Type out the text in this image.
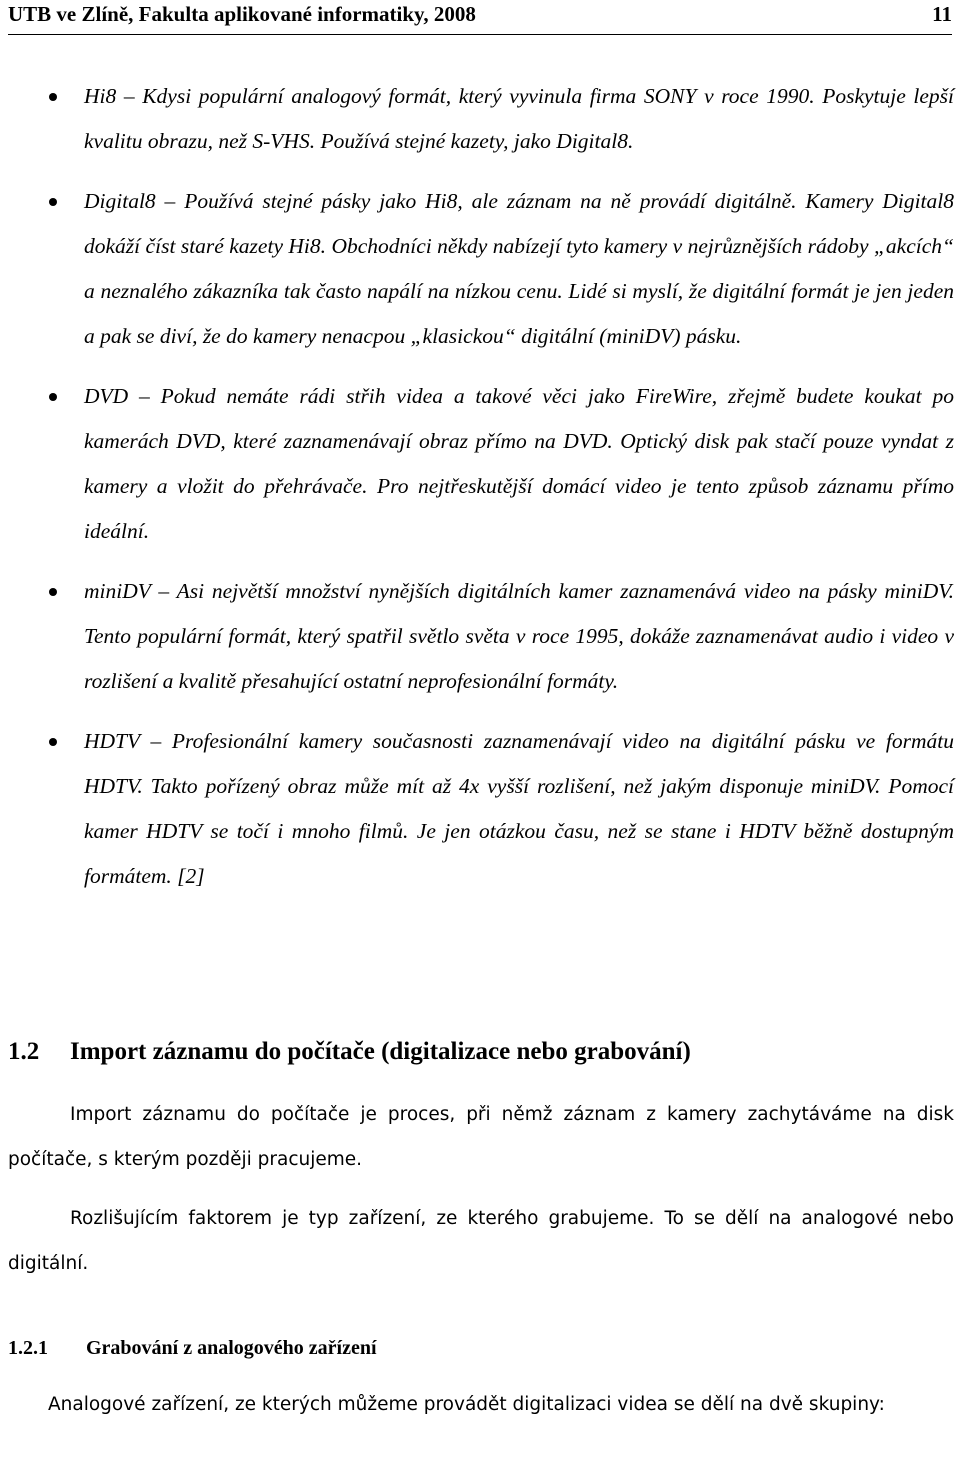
UTB ve Zlíně, Fakulta aplikované informatiky, 2008	11
Hi8 – Kdysi populární analogový formát, který vyvinula firma SONY v roce 1990. Poskytuje lepší kvalitu obrazu, než S-VHS. Používá stejné kazety, jako Digital8.
Digital8 – Používá stejné pásky jako Hi8, ale záznam na ně provádí digitálně. Kamery Digital8 dokáží číst staré kazety Hi8. Obchodníci někdy nabízejí tyto kamery v nejrůznějších rádoby „akcích“ a neznalého zákazníka tak často napálí na nízkou cenu. Lidé si myslí, že digitální formát je jen jeden a pak se diví, že do kamery nenacpou „klasickou“ digitální (miniDV) pásku.
DVD – Pokud nemáte rádi střih videa a takové věci jako FireWire, zřejmě budete koukat po kamerách DVD, které zaznamenávají obraz přímo na DVD. Optický disk pak stačí pouze vyndat z kamery a vložit do přehrávače. Pro nejtřeskutější domácí video je tento způsob záznamu přímo ideální.
miniDV – Asi největší množství nynějších digitálních kamer zaznamenává video na pásky miniDV. Tento populární formát, který spatřil světlo světa v roce 1995, dokáže zaznamenávat audio i video v rozlišení a kvalitě přesahující ostatní neprofesionální formáty.
HDTV – Profesionální kamery současnosti zaznamenávají video na digitální pásku ve formátu HDTV. Takto pořízený obraz může mít až 4x vyšší rozlišení, než jakým disponuje miniDV. Pomocí kamer HDTV se točí i mnoho filmů. Je jen otázkou času, než se stane i HDTV běžně dostupným formátem. [2]
1.2 Import záznamu do počítače (digitalizace nebo grabování)
Import záznamu do počítače je proces, při němž záznam z kamery zachytáváme na disk počítače, s kterým později pracujeme.
Rozlišujícím faktorem je typ zařízení, ze kterého grabujeme. To se dělí na analogové nebo digitální.
1.2.1 Grabování z analogového zařízení
Analogové zařízení, ze kterých můžeme provádět digitalizaci videa se dělí na dvě skupiny:
